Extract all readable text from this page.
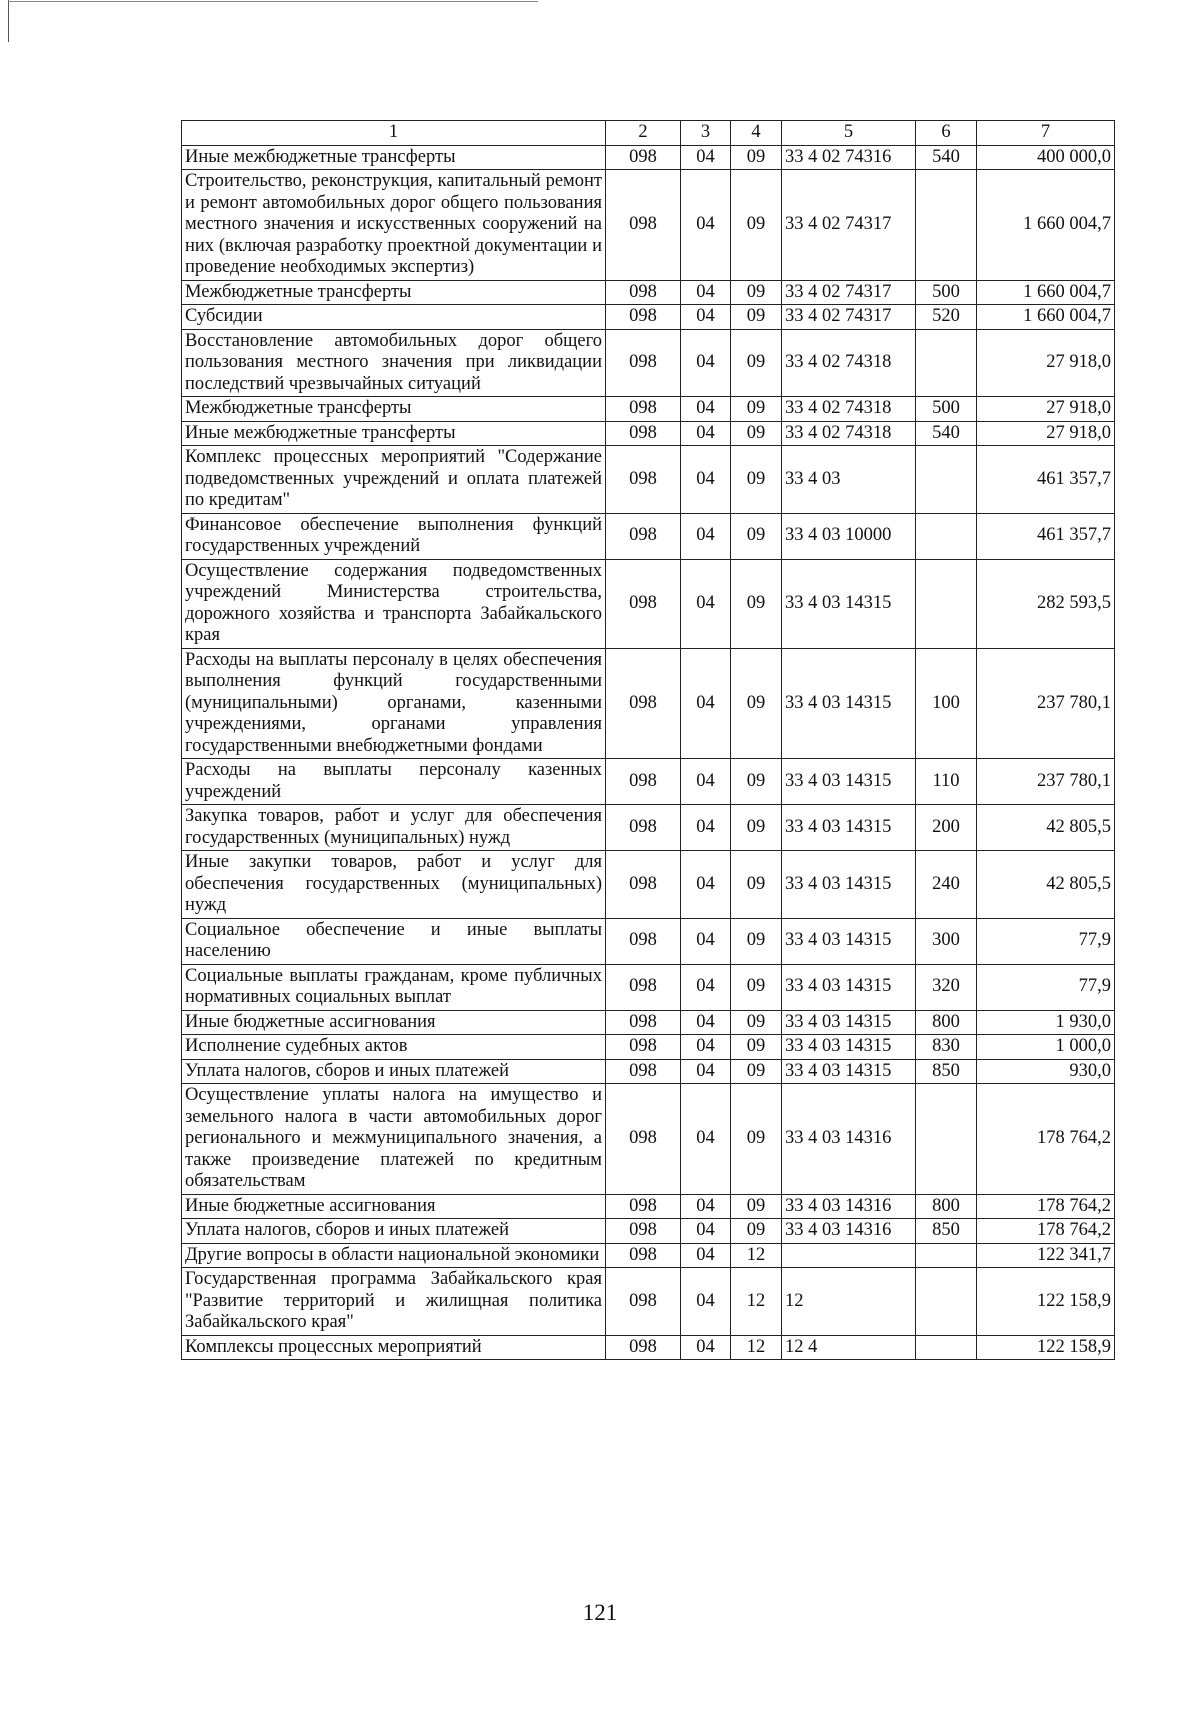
1	2	3	4	5	6	7
Иные межбюджетные трансферты	098	04	09	33 4 02 74316	540	400 000,0
Строительство, реконструкция, капитальный ремонт и ремонт автомобильных дорог общего пользования местного значения и искусственных сооружений на них (включая разработку проектной документации и проведение необходимых экспертиз)	098	04	09	33 4 02 74317		1 660 004,7
Межбюджетные трансферты	098	04	09	33 4 02 74317	500	1 660 004,7
Субсидии	098	04	09	33 4 02 74317	520	1 660 004,7
Восстановление автомобильных дорог общего пользования местного значения при ликвидации последствий чрезвычайных ситуаций	098	04	09	33 4 02 74318		27 918,0
Межбюджетные трансферты	098	04	09	33 4 02 74318	500	27 918,0
Иные межбюджетные трансферты	098	04	09	33 4 02 74318	540	27 918,0
Комплекс процессных мероприятий "Содержание подведомственных учреждений и оплата платежей по кредитам"	098	04	09	33 4 03		461 357,7
Финансовое обеспечение выполнения функций государственных учреждений	098	04	09	33 4 03 10000		461 357,7
Осуществление содержания подведомственных учреждений Министерства строительства, дорожного хозяйства и транспорта Забайкальского края	098	04	09	33 4 03 14315		282 593,5
Расходы на выплаты персоналу в целях обеспечения выполнения функций государственными (муниципальными) органами, казенными учреждениями, органами управления государственными внебюджетными фондами	098	04	09	33 4 03 14315	100	237 780,1
Расходы на выплаты персоналу казенных учреждений	098	04	09	33 4 03 14315	110	237 780,1
Закупка товаров, работ и услуг для обеспечения государственных (муниципальных) нужд	098	04	09	33 4 03 14315	200	42 805,5
Иные закупки товаров, работ и услуг для обеспечения государственных (муниципальных) нужд	098	04	09	33 4 03 14315	240	42 805,5
Социальное обеспечение и иные выплаты населению	098	04	09	33 4 03 14315	300	77,9
Социальные выплаты гражданам, кроме публичных нормативных социальных выплат	098	04	09	33 4 03 14315	320	77,9
Иные бюджетные ассигнования	098	04	09	33 4 03 14315	800	1 930,0
Исполнение судебных актов	098	04	09	33 4 03 14315	830	1 000,0
Уплата налогов, сборов и иных платежей	098	04	09	33 4 03 14315	850	930,0
Осуществление уплаты налога на имущество и земельного налога в части автомобильных дорог регионального и межмуниципального значения, а также произведение платежей по кредитным обязательствам	098	04	09	33 4 03 14316		178 764,2
Иные бюджетные ассигнования	098	04	09	33 4 03 14316	800	178 764,2
Уплата налогов, сборов и иных платежей	098	04	09	33 4 03 14316	850	178 764,2
Другие вопросы в области национальной экономики	098	04	12			122 341,7
Государственная программа Забайкальского края "Развитие территорий и жилищная политика Забайкальского края"	098	04	12	12		122 158,9
Комплексы процессных мероприятий	098	04	12	12 4		122 158,9
121
